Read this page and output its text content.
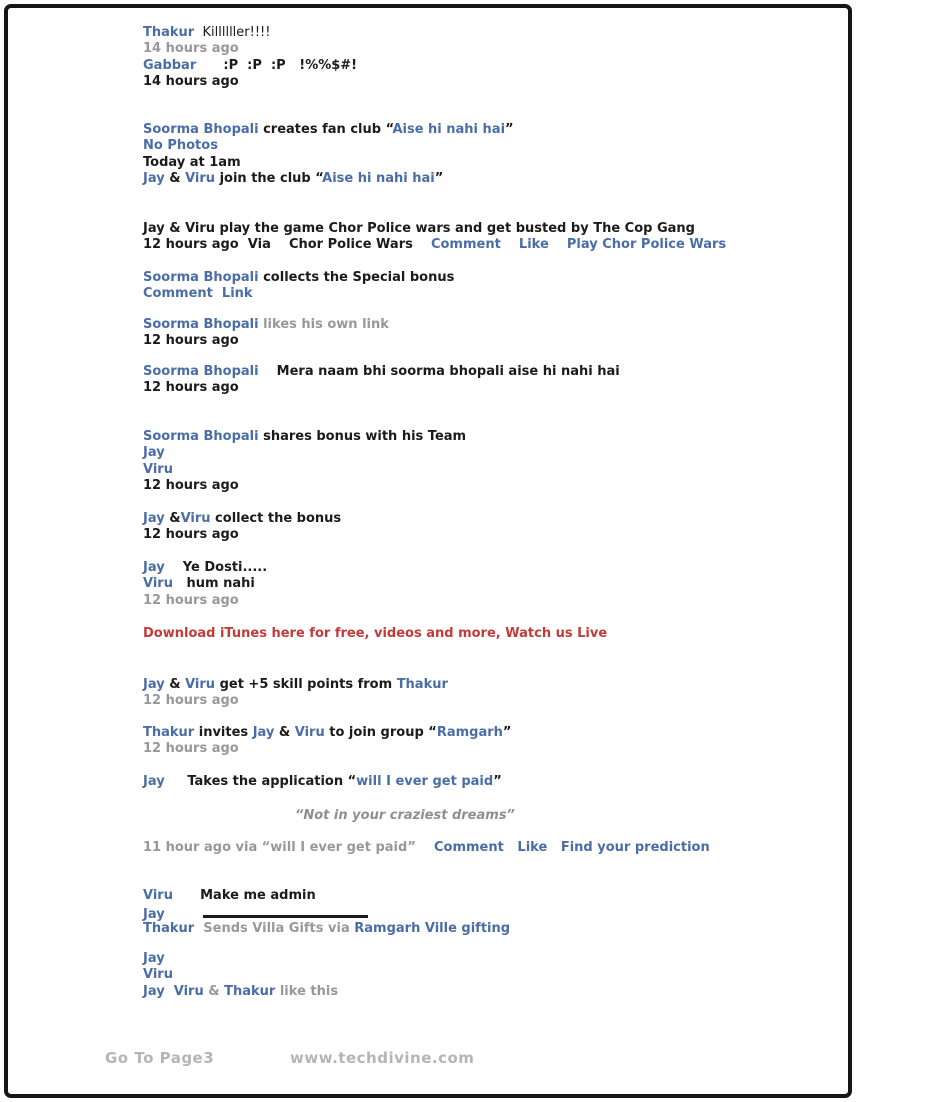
Thakur  Killllller!!!!
14 hours ago
Gabbar      :P  :P  :P   !%%$#!
14 hours ago
Soorma Bhopali creates fan club “Aise hi nahi hai”
No Photos
Today at 1am
Jay & Viru join the club “Aise hi nahi hai”
Jay & Viru play the game Chor Police wars and get busted by The Cop Gang
12 hours ago  Via    Chor Police Wars    Comment Like Play Chor Police Wars
Soorma Bhopali collects the Special bonus
Comment Link
Soorma Bhopali likes his own link
12 hours ago
Soorma Bhopali    Mera naam bhi soorma bhopali aise hi nahi hai
12 hours ago
Soorma Bhopali shares bonus with his Team
Jay
Viru
12 hours ago
Jay &Viru collect the bonus
12 hours ago
Jay    Ye Dosti.....
Viru   hum nahi
12 hours ago
Download iTunes here for free, videos and more, Watch us Live
Jay & Viru get +5 skill points from Thakur
12 hours ago
Thakur invites Jay & Viru to join group “Ramgarh”
12 hours ago
Jay     Takes the application “will I ever get paid”
“Not in your craziest dreams”
11 hour ago via “will I ever get paid”    Comment Like Find your prediction
Viru      Make me admin
Jay
Thakur  Sends Villa Gifts via Ramgarh Ville gifting
Jay
Viru
Jay Viru & Thakur like this
Go To Page3	www.techdivine.com
